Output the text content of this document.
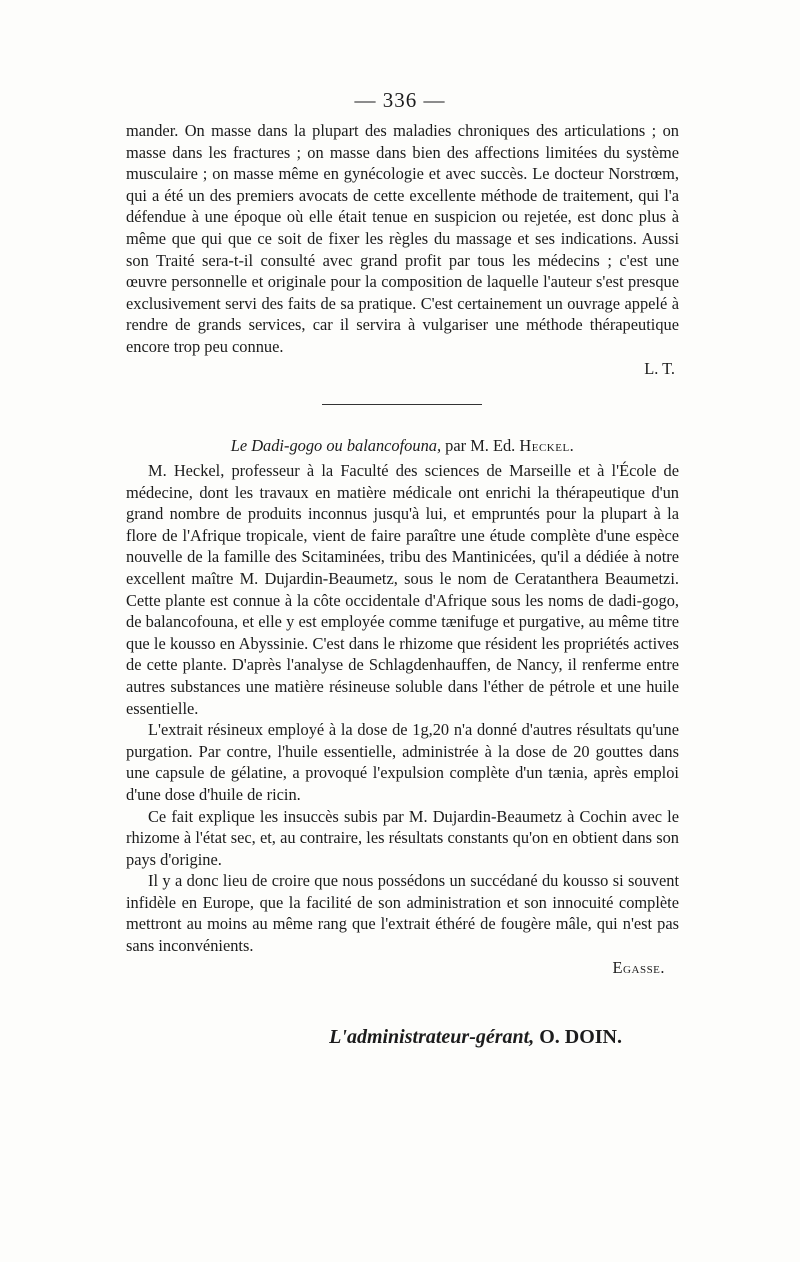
— 336 —

mander. On masse dans la plupart des maladies chroniques des articulations ; on masse dans les fractures ; on masse dans bien des affections limitées du système musculaire ; on masse même en gynécologie et avec succès. Le docteur Norstrœm, qui a été un des premiers avocats de cette excellente méthode de traitement, qui l'a défendue à une époque où elle était tenue en suspicion ou rejetée, est donc plus à même que qui que ce soit de fixer les règles du massage et ses indications. Aussi son Traité sera-t-il consulté avec grand profit par tous les médecins ; c'est une œuvre personnelle et originale pour la composition de laquelle l'auteur s'est presque exclusivement servi des faits de sa pratique. C'est certainement un ouvrage appelé à rendre de grands services, car il servira à vulgariser une méthode thérapeutique encore trop peu connue.

L. T.

Le Dadi-gogo ou balancofouna, par M. Ed. Heckel.

M. Heckel, professeur à la Faculté des sciences de Marseille et à l'École de médecine, dont les travaux en matière médicale ont enrichi la thérapeutique d'un grand nombre de produits inconnus jusqu'à lui, et empruntés pour la plupart à la flore de l'Afrique tropicale, vient de faire paraître une étude complète d'une espèce nouvelle de la famille des Scitaminées, tribu des Mantinicées, qu'il a dédiée à notre excellent maître M. Dujardin-Beaumetz, sous le nom de Ceratanthera Beaumetzi. Cette plante est connue à la côte occidentale d'Afrique sous les noms de dadi-gogo, de balancofouna, et elle y est employée comme tænifuge et purgative, au même titre que le kousso en Abyssinie. C'est dans le rhizome que résident les propriétés actives de cette plante. D'après l'analyse de Schlagdenhauffen, de Nancy, il renferme entre autres substances une matière résineuse soluble dans l'éther de pétrole et une huile essentielle.

L'extrait résineux employé à la dose de 1g,20 n'a donné d'autres résultats qu'une purgation. Par contre, l'huile essentielle, administrée à la dose de 20 gouttes dans une capsule de gélatine, a provoqué l'expulsion complète d'un tænia, après emploi d'une dose d'huile de ricin.

Ce fait explique les insuccès subis par M. Dujardin-Beaumetz à Cochin avec le rhizome à l'état sec, et, au contraire, les résultats constants qu'on en obtient dans son pays d'origine.

Il y a donc lieu de croire que nous possédons un succédané du kousso si souvent infidèle en Europe, que la facilité de son administration et son innocuité complète mettront au moins au même rang que l'extrait éthéré de fougère mâle, qui n'est pas sans inconvénients.

Egasse.

L'administrateur-gérant, O. DOIN.
